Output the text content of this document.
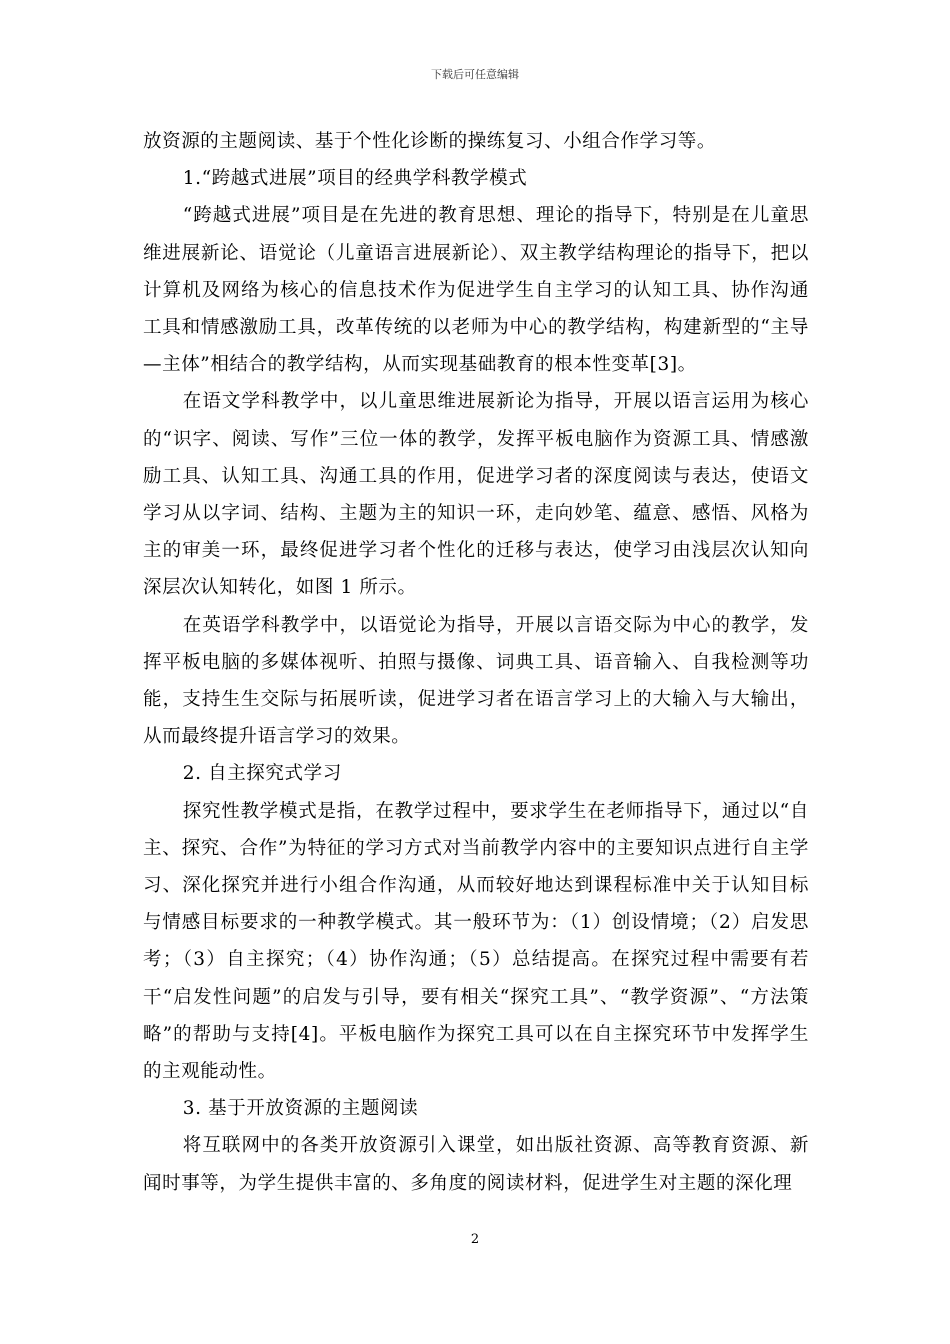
下载后可任意编辑

放资源的主题阅读、基于个性化诊断的操练复习、小组合作学习等。

1.“跨越式进展”项目的经典学科教学模式

“跨越式进展”项目是在先进的教育思想、理论的指导下，特别是在儿童思维进展新论、语觉论（儿童语言进展新论）、双主教学结构理论的指导下，把以计算机及网络为核心的信息技术作为促进学生自主学习的认知工具、协作沟通工具和情感激励工具，改革传统的以老师为中心的教学结构，构建新型的“主导—主体”相结合的教学结构，从而实现基础教育的根本性变革[3]。

在语文学科教学中，以儿童思维进展新论为指导，开展以语言运用为核心的“识字、阅读、写作”三位一体的教学，发挥平板电脑作为资源工具、情感激励工具、认知工具、沟通工具的作用，促进学习者的深度阅读与表达，使语文学习从以字词、结构、主题为主的知识一环，走向妙笔、蕴意、感悟、风格为主的审美一环，最终促进学习者个性化的迁移与表达，使学习由浅层次认知向深层次认知转化，如图 1 所示。

在英语学科教学中，以语觉论为指导，开展以言语交际为中心的教学，发挥平板电脑的多媒体视听、拍照与摄像、词典工具、语音输入、自我检测等功能，支持生生交际与拓展听读，促进学习者在语言学习上的大输入与大输出，从而最终提升语言学习的效果。

2. 自主探究式学习

探究性教学模式是指，在教学过程中，要求学生在老师指导下，通过以“自主、探究、合作”为特征的学习方式对当前教学内容中的主要知识点进行自主学习、深化探究并进行小组合作沟通，从而较好地达到课程标准中关于认知目标与情感目标要求的一种教学模式。其一般环节为：（1）创设情境；（2）启发思考；（3）自主探究；（4）协作沟通；（5）总结提高。在探究过程中需要有若干“启发性问题”的启发与引导，要有相关“探究工具”、“教学资源”、“方法策略”的帮助与支持[4]。平板电脑作为探究工具可以在自主探究环节中发挥学生的主观能动性。

3. 基于开放资源的主题阅读

将互联网中的各类开放资源引入课堂，如出版社资源、高等教育资源、新闻时事等，为学生提供丰富的、多角度的阅读材料，促进学生对主题的深化理

2
